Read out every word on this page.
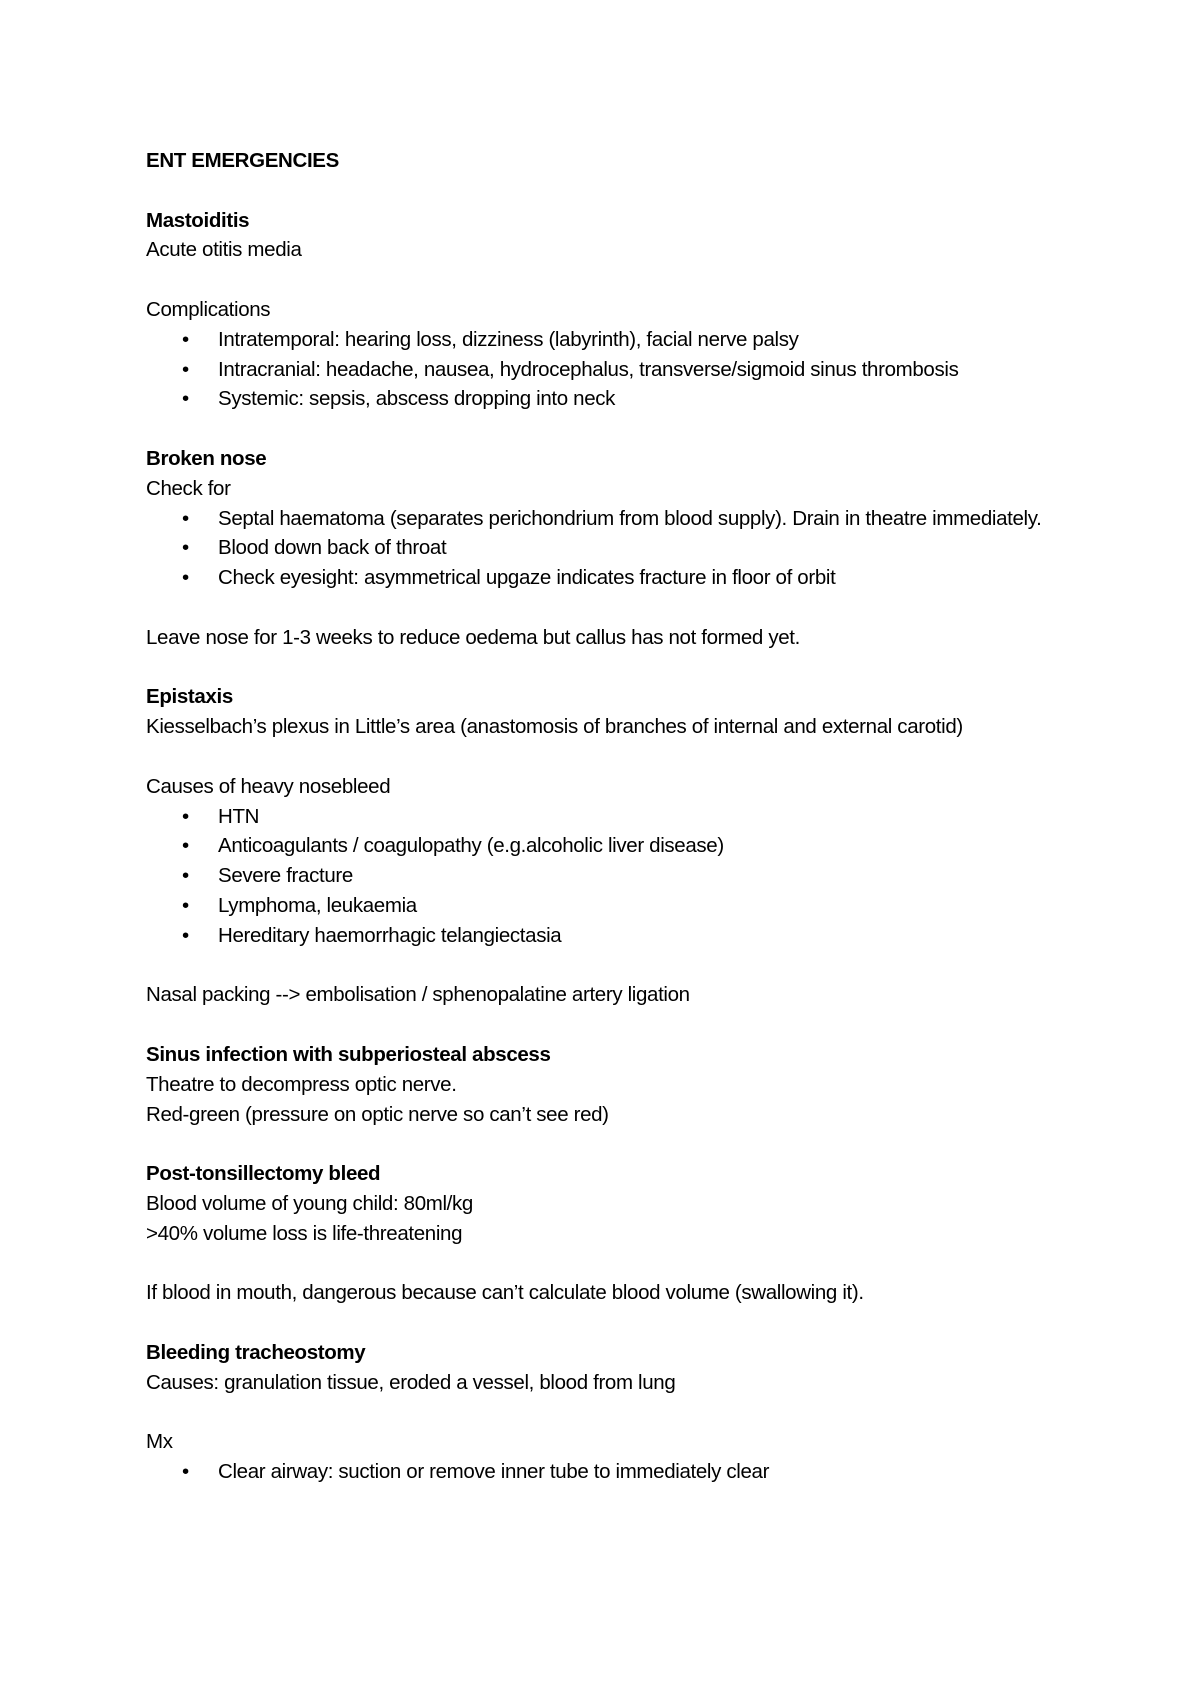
ENT EMERGENCIES

Mastoiditis

Acute otitis media

Complications

•
Intratemporal: hearing loss, dizziness (labyrinth), facial nerve palsy
•
Intracranial: headache, nausea, hydrocephalus, transverse/sigmoid sinus thrombosis
•
Systemic: sepsis, abscess dropping into neck

Broken nose

Check for

•
Septal haematoma (separates perichondrium from blood supply). Drain in theatre immediately.
•
Blood down back of throat
•
Check eyesight: asymmetrical upgaze indicates fracture in floor of orbit

Leave nose for 1-3 weeks to reduce oedema but callus has not formed yet.

Epistaxis

Kiesselbach’s plexus in Little’s area (anastomosis of branches of internal and external carotid)

Causes of heavy nosebleed

•
HTN
•
Anticoagulants / coagulopathy (e.g.alcoholic liver disease)
•
Severe fracture
•
Lymphoma, leukaemia
•
Hereditary haemorrhagic telangiectasia

Nasal packing --> embolisation / sphenopalatine artery ligation

Sinus infection with subperiosteal abscess

Theatre to decompress optic nerve.

Red-green (pressure on optic nerve so can’t see red)

Post-tonsillectomy bleed

Blood volume of young child: 80ml/kg

>40% volume loss is life-threatening

If blood in mouth, dangerous because can’t calculate blood volume (swallowing it).

Bleeding tracheostomy

Causes: granulation tissue, eroded a vessel, blood from lung

Mx

•
Clear airway: suction or remove inner tube to immediately clear
